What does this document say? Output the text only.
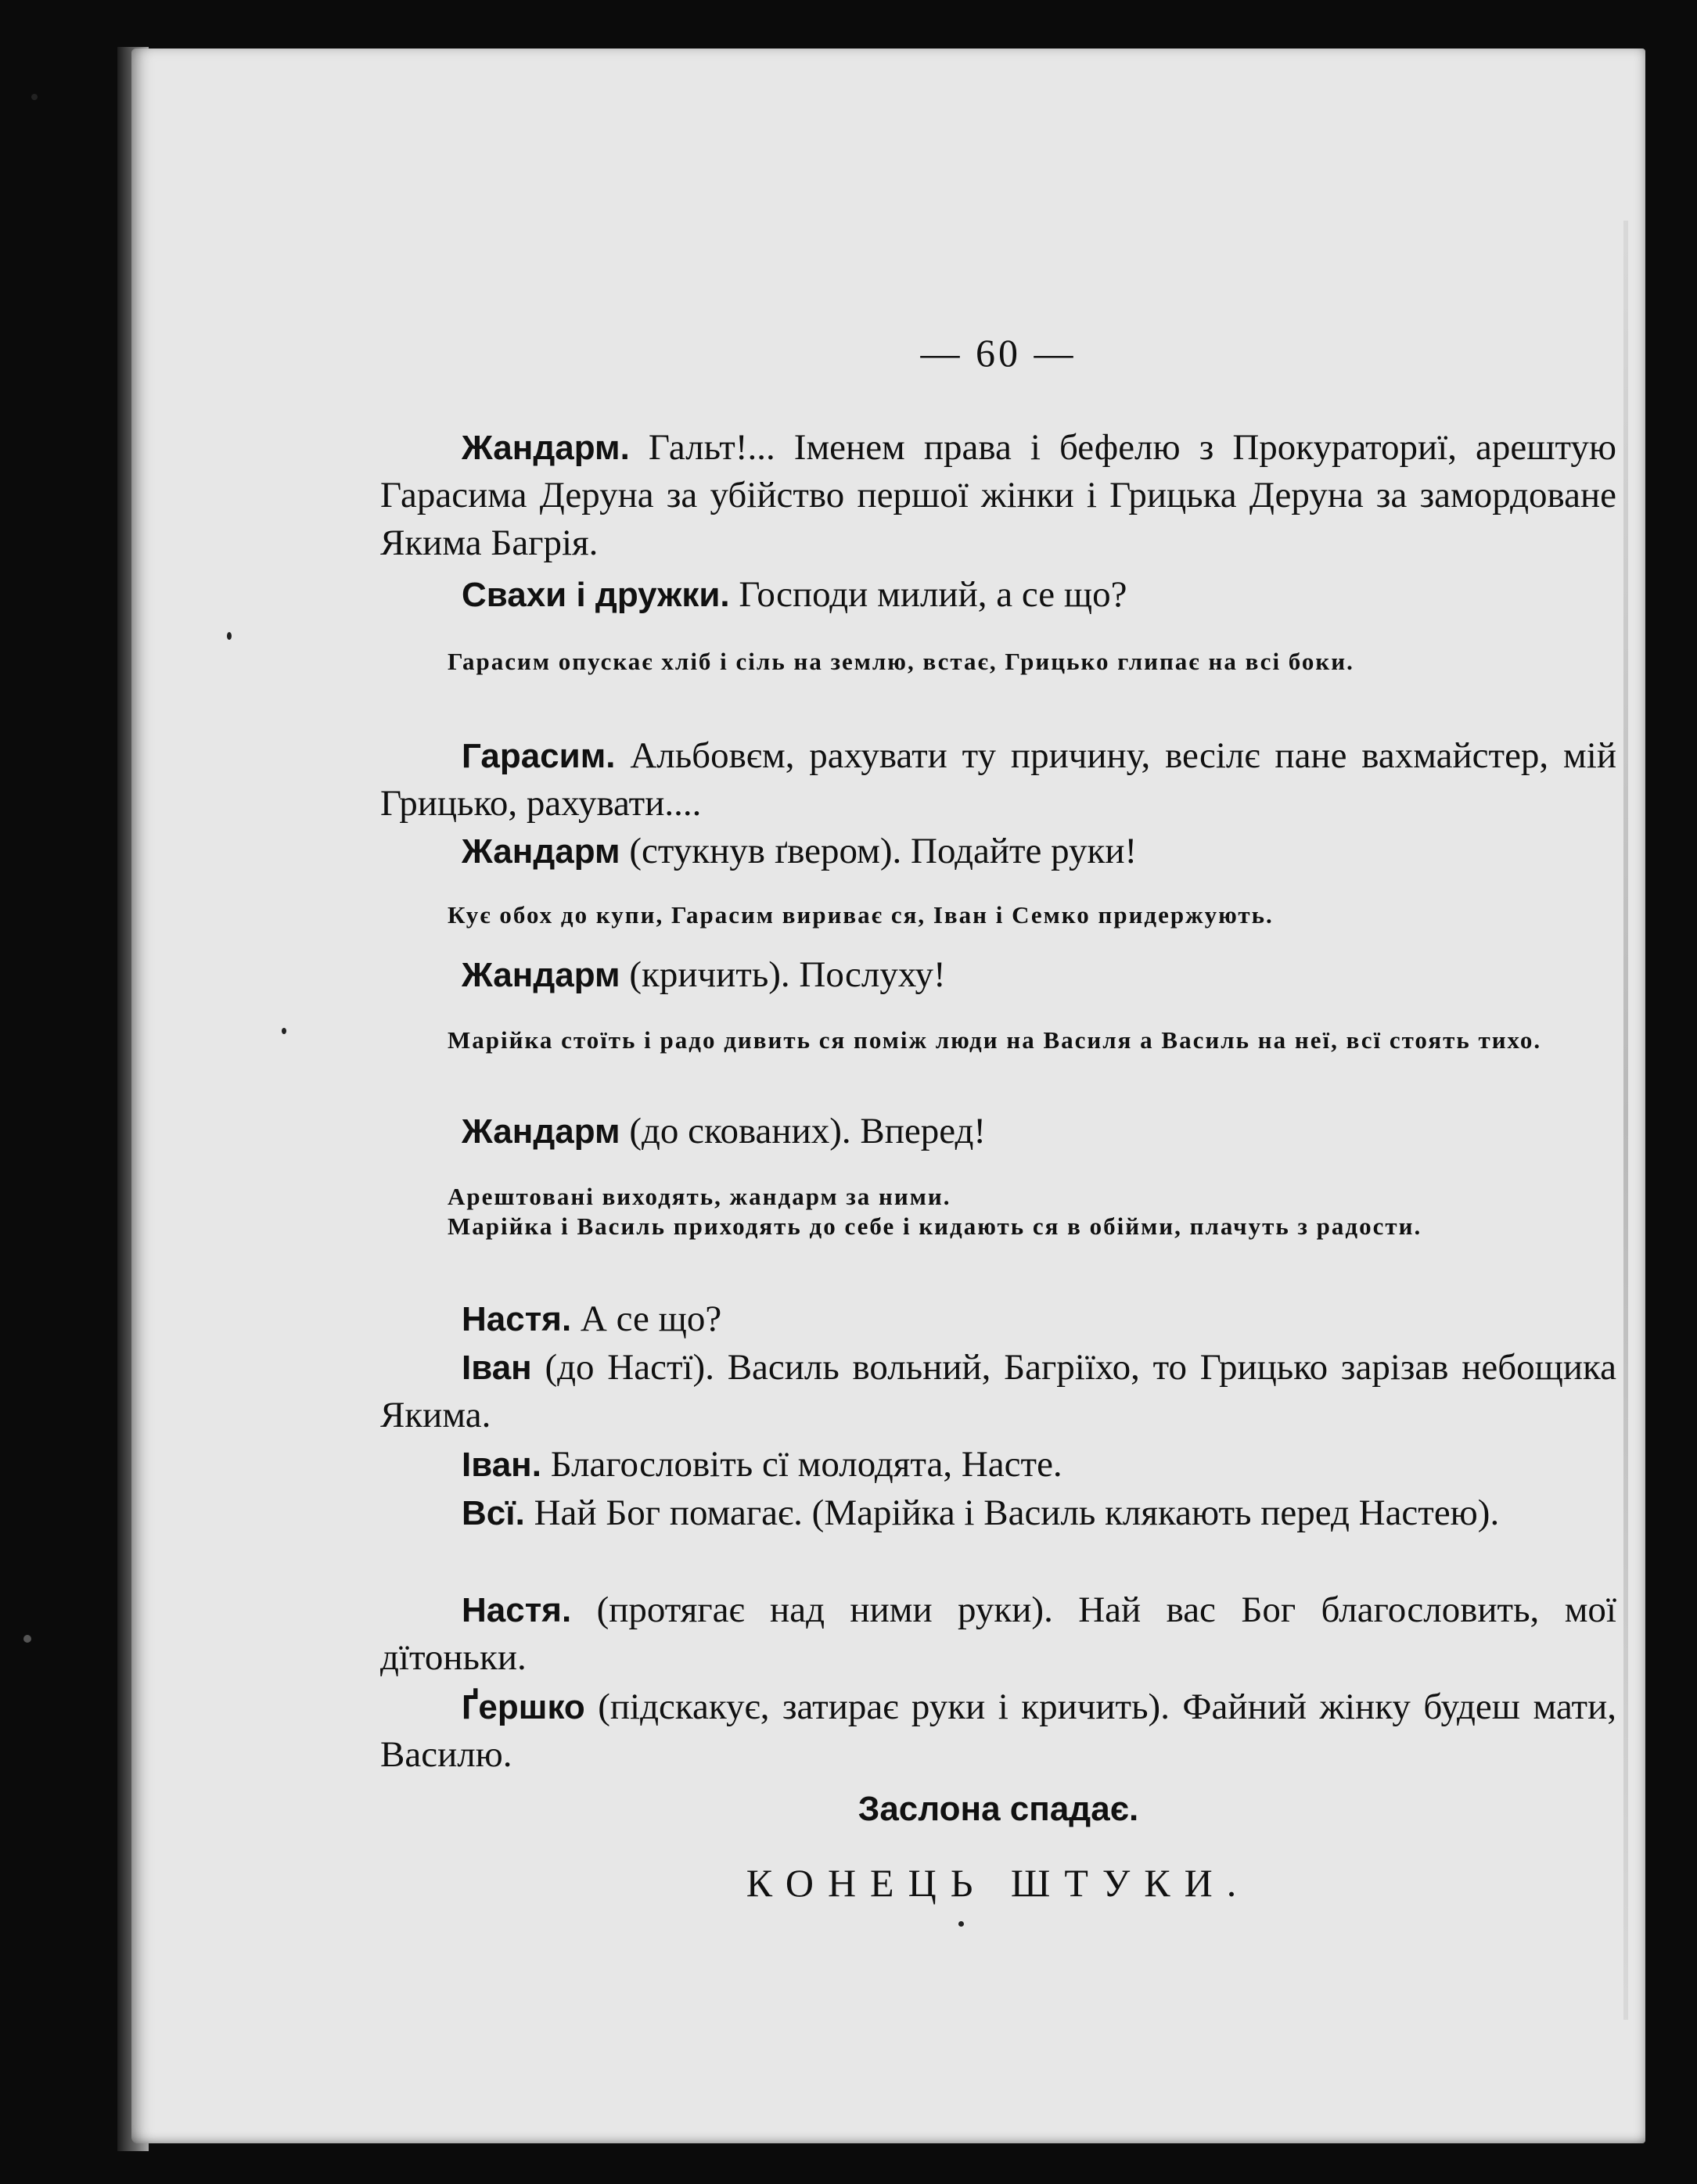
— 60 —
Жандарм. Гальт!... Іменем права і бефелю з Прокураториї, арештую Гарасима Деруна за убійство першої жінки і Грицька Деруна за замордоване Якима Багрія.
Свахи і дружки. Господи милий, а се що?
Гарасим опускає хліб і сіль на землю, встає, Грицько глипає на всі боки.
Гарасим. Альбовєм, рахувати ту причину, весілє пане вахмайстер, мій Грицько, рахувати....
Жандарм (стукнув ґвером). Подайте руки!
Кує обох до купи, Гарасим вириває ся, Іван і Семко придержують.
Жандарм (кричить). Послуху!
Марійка стоїть і радо дивить ся поміж люди на Василя а Василь на неї, всї стоять тихо.
Жандарм (до скованих). Вперед!
Арештовані виходять, жандарм за ними.
Марійка і Василь приходять до себе і кидають ся в обійми, плачуть з радости.
Настя. А се що?
Іван (до Настї). Василь вольний, Багріїхо, то Грицько зарізав небощика Якима.
Іван. Благословіть сї молодята, Насте.
Всї. Най Бог помагає. (Марійка і Василь клякають перед Настею).
Настя. (протягає над ними руки). Най вас Бог благословить, мої дїтоньки.
Ґершко (підскакує, затирає руки і кричить). Файний жінку будеш мати, Василю.
Заслона спадає.
КОНЕЦЬ ШТУКИ.
